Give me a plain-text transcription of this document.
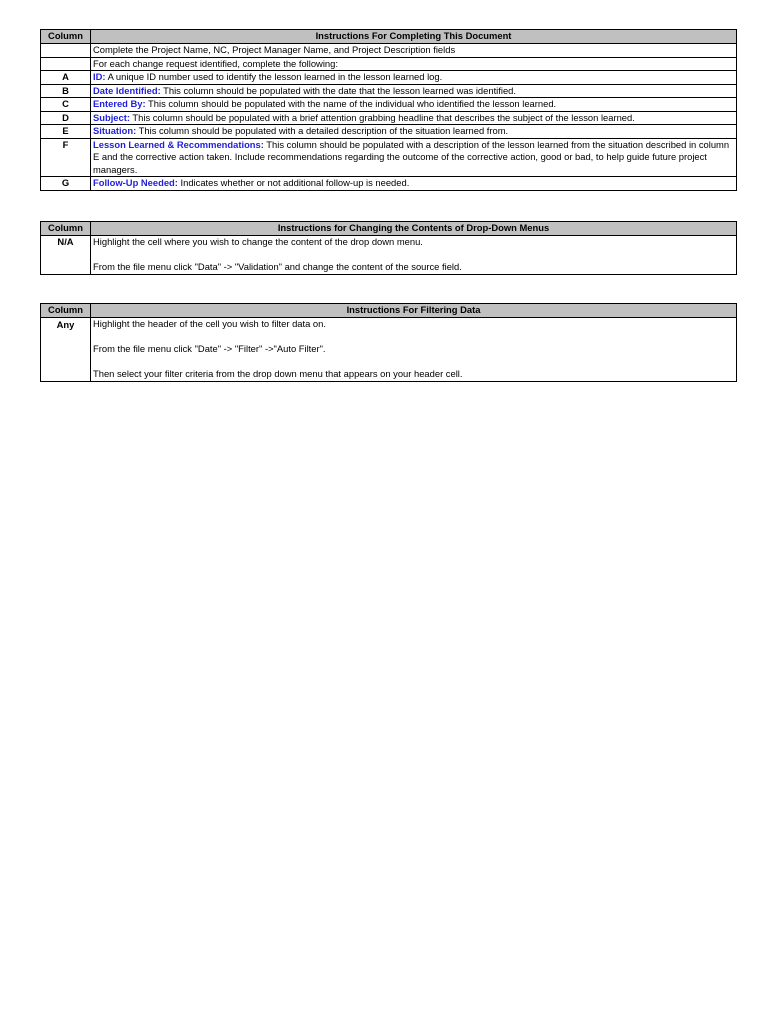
Column	Instructions For Completing This Document
	Complete the Project Name, NC, Project Manager Name, and Project Description fields
	For each change request identified, complete the following:
A	ID: A unique ID number used to identify the lesson learned in the lesson learned log.
B	Date Identified: This column should be populated with the date that the lesson learned was identified.
C	Entered By: This column should be populated with the name of the individual who identified the lesson learned.
D	Subject: This column should be populated with a brief attention grabbing headline that describes the subject of the lesson learned.
E	Situation: This column should be populated with a detailed description of the situation learned from.
F	Lesson Learned & Recommendations: This column should be populated with a description of the lesson learned from the situation described in column E and the corrective action taken. Include recommendations regarding the outcome of the corrective action, good or bad, to help guide future project managers.
G	Follow-Up Needed: Indicates whether or not additional follow-up is needed.
Column	Instructions for Changing the Contents of Drop-Down Menus
N/A	Highlight the cell where you wish to change the content of the drop down menu.
From the file menu click "Data" -> "Validation" and change the content of the source field.
Column	Instructions For Filtering Data
Any	Highlight the header of the cell you wish to filter data on.
From the file menu click "Date" -> "Filter" ->"Auto Filter".
Then select your filter criteria from the drop down menu that appears on your header cell.
